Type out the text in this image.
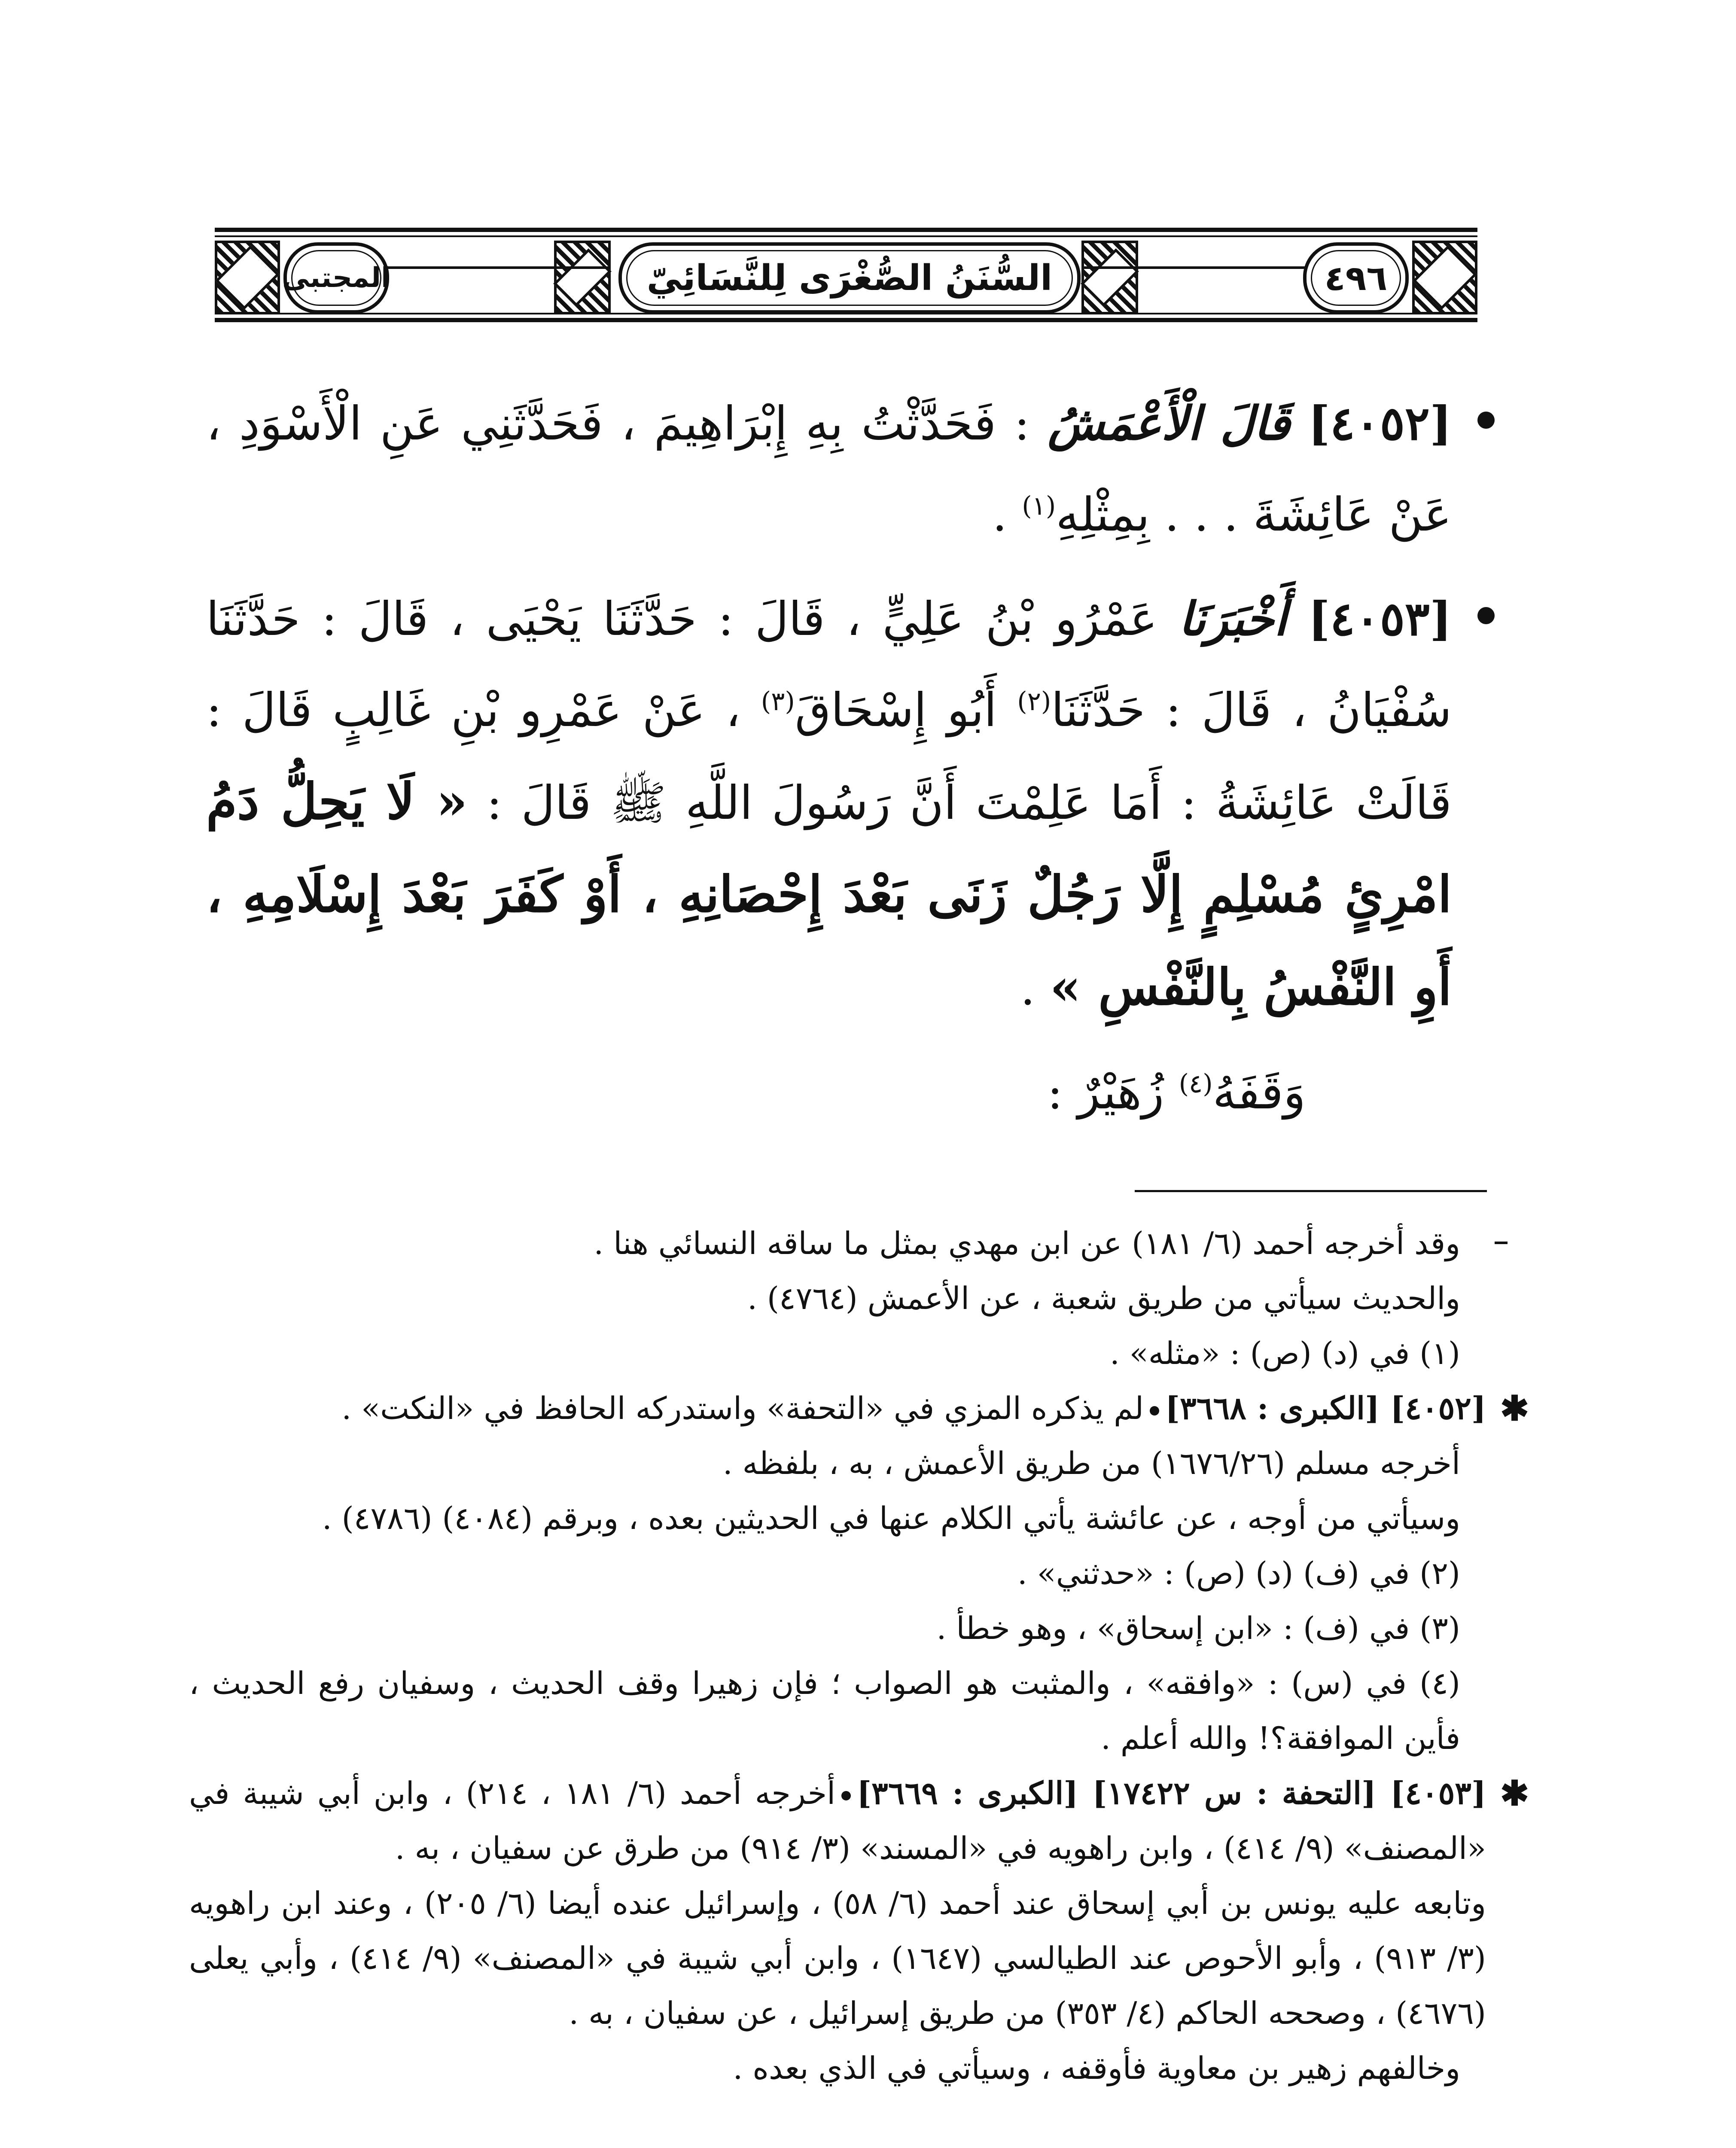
٤٩٦
السُّنَنُ الصُّغْرَى لِلنَّسَائِيّ
المجتبى
[٤٠٥٢] قَالَ الْأَعْمَشُ : فَحَدَّثْتُ بِهِ إِبْرَاهِيمَ ، فَحَدَّثَنِي عَنِ الْأَسْوَدِ ، عَنْ عَائِشَةَ . . . بِمِثْلِهِ$^{(١)}$ .
[٤٠٥٣] أَخْبَرَنَا عَمْرُو بْنُ عَلِيٍّ ، قَالَ : حَدَّثَنَا يَحْيَى ، قَالَ : حَدَّثَنَا سُفْيَانُ ، قَالَ : حَدَّثَنَا$^{(٢)}$ أَبُو إِسْحَاقَ$^{(٣)}$ ، عَنْ عَمْرِو بْنِ غَالِبٍ قَالَ : قَالَتْ عَائِشَةُ : أَمَا عَلِمْتَ أَنَّ رَسُولَ اللَّهِ ﷺ قَالَ : « لَا يَحِلُّ دَمُ امْرِئٍ مُسْلِمٍ إِلَّا رَجُلٌ زَنَى بَعْدَ إِحْصَانِهِ ، أَوْ كَفَرَ بَعْدَ إِسْلَامِهِ ، أَوِ النَّفْسُ بِالنَّفْسِ » .
وَقَفَهُ$^{(٤)}$ زُهَيْرٌ :
وقد أخرجه أحمد (٦/ ١٨١) عن ابن مهدي بمثل ما ساقه النسائي هنا .
والحديث سيأتي من طريق شعبة ، عن الأعمش (٤٧٦٤) .
(١) في (د) (ص) : «مثله» .
✱
[٤٠٥٢] [الكبرى : ٣٦٦٨]لم يذكره المزي في «التحفة» واستدركه الحافظ في «النكت» .
أخرجه مسلم (١٦٧٦/٢٦) من طريق الأعمش ، به ، بلفظه .
وسيأتي من أوجه ، عن عائشة يأتي الكلام عنها في الحديثين بعده ، وبرقم (٤٠٨٤) (٤٧٨٦) .
(٢) في (ف) (د) (ص) : «حدثني» .
(٣) في (ف) : «ابن إسحاق» ، وهو خطأ .
(٤) في (س) : «وافقه» ، والمثبت هو الصواب ؛ فإن زهيرا وقف الحديث ، وسفيان رفع الحديث ، فأين الموافقة؟! والله أعلم .
✱
[٤٠٥٣] [التحفة : س ١٧٤٢٢] [الكبرى : ٣٦٦٩]أخرجه أحمد (٦/ ١٨١ ، ٢١٤) ، وابن أبي شيبة في «المصنف» (٩/ ٤١٤) ، وابن راهويه في «المسند» (٣/ ٩١٤) من طرق عن سفيان ، به .
وتابعه عليه يونس بن أبي إسحاق عند أحمد (٦/ ٥٨) ، وإسرائيل عنده أيضا (٦/ ٢٠٥) ، وعند ابن راهويه (٣/ ٩١٣) ، وأبو الأحوص عند الطيالسي (١٦٤٧) ، وابن أبي شيبة في «المصنف» (٩/ ٤١٤) ، وأبي يعلى (٤٦٧٦) ، وصححه الحاكم (٤/ ٣٥٣) من طريق إسرائيل ، عن سفيان ، به .
وخالفهم زهير بن معاوية فأوقفه ، وسيأتي في الذي بعده .
